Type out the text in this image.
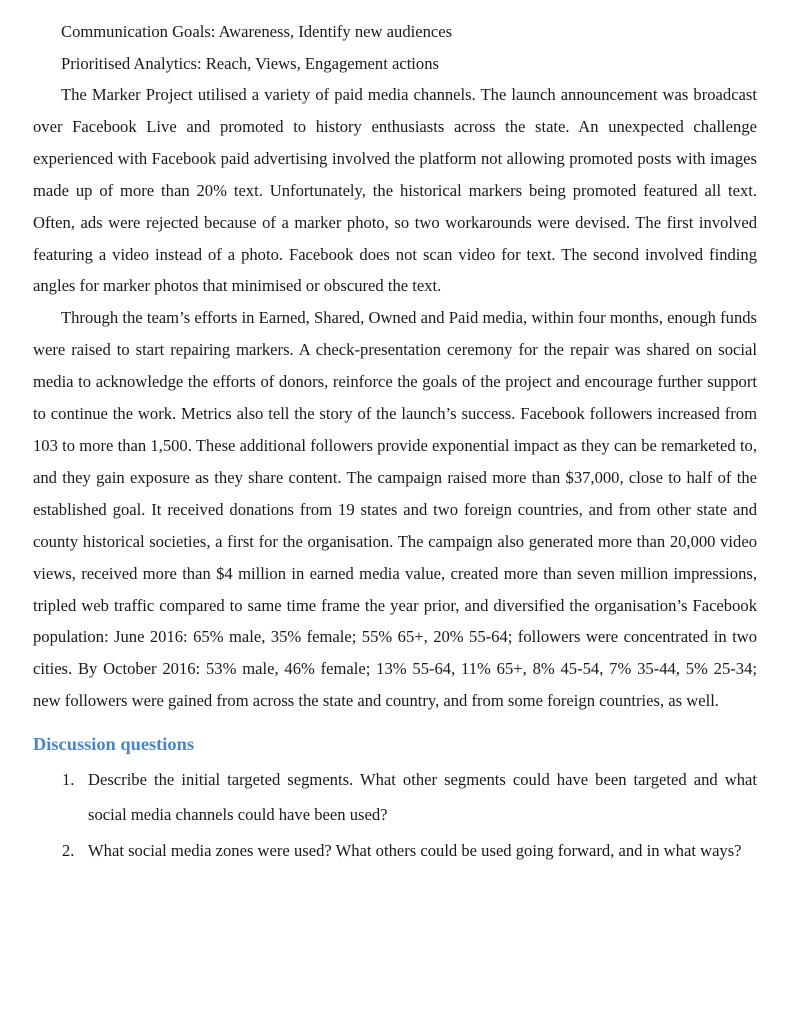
Communication Goals: Awareness, Identify new audiences

Prioritised Analytics: Reach, Views, Engagement actions

The Marker Project utilised a variety of paid media channels. The launch announcement was broadcast over Facebook Live and promoted to history enthusiasts across the state. An unexpected challenge experienced with Facebook paid advertising involved the platform not allowing promoted posts with images made up of more than 20% text. Unfortunately, the historical markers being promoted featured all text. Often, ads were rejected because of a marker photo, so two workarounds were devised. The first involved featuring a video instead of a photo. Facebook does not scan video for text. The second involved finding angles for marker photos that minimised or obscured the text.

Through the team’s efforts in Earned, Shared, Owned and Paid media, within four months, enough funds were raised to start repairing markers. A check-presentation ceremony for the repair was shared on social media to acknowledge the efforts of donors, reinforce the goals of the project and encourage further support to continue the work. Metrics also tell the story of the launch’s success. Facebook followers increased from 103 to more than 1,500. These additional followers provide exponential impact as they can be remarketed to, and they gain exposure as they share content. The campaign raised more than $37,000, close to half of the established goal. It received donations from 19 states and two foreign countries, and from other state and county historical societies, a first for the organisation. The campaign also generated more than 20,000 video views, received more than $4 million in earned media value, created more than seven million impressions, tripled web traffic compared to same time frame the year prior, and diversified the organisation’s Facebook population: June 2016: 65% male, 35% female; 55% 65+, 20% 55-64; followers were concentrated in two cities. By October 2016: 53% male, 46% female; 13% 55-64, 11% 65+, 8% 45-54, 7% 35-44, 5% 25-34; new followers were gained from across the state and country, and from some foreign countries, as well.

Discussion questions
1. Describe the initial targeted segments. What other segments could have been targeted and what social media channels could have been used?
2. What social media zones were used? What others could be used going forward, and in what ways?
